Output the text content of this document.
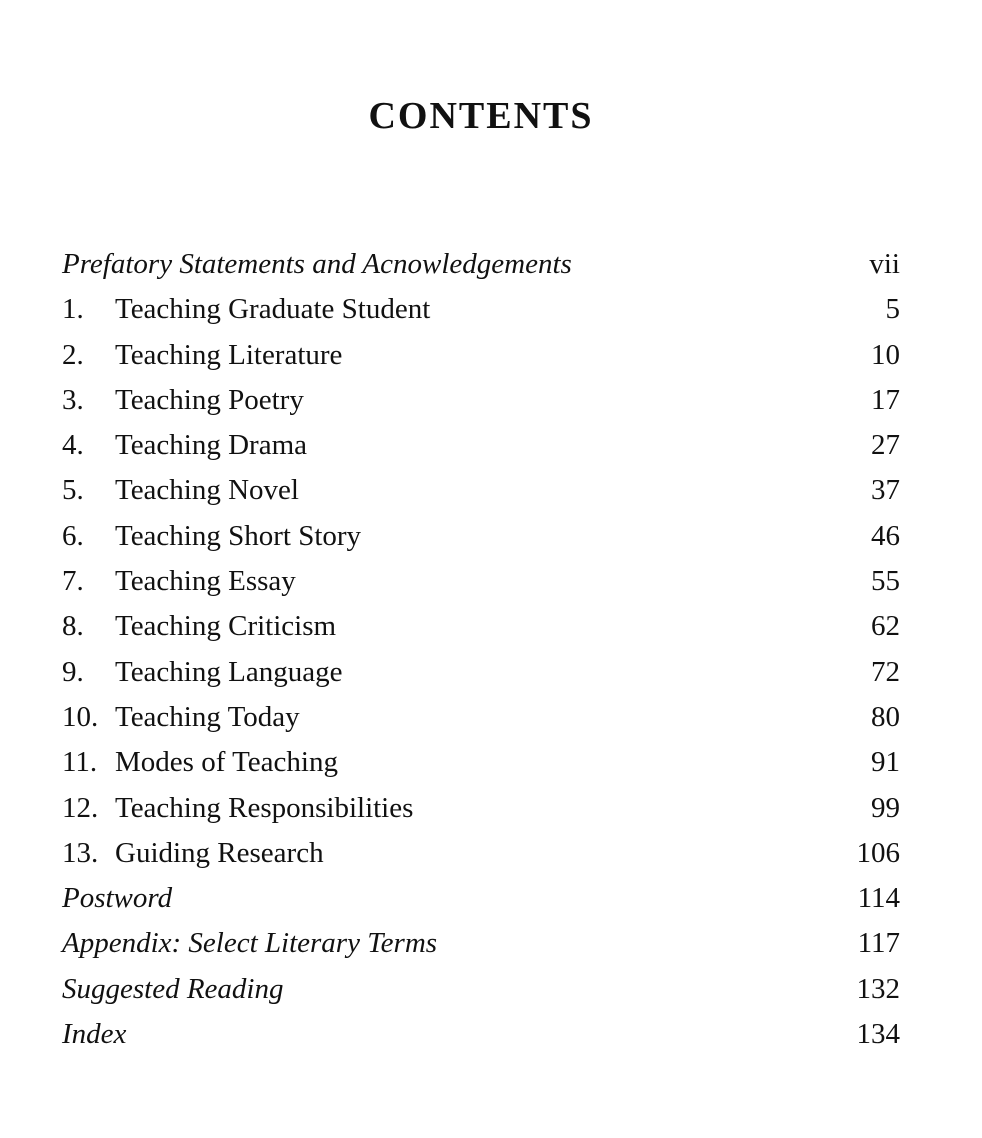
CONTENTS
Prefatory Statements and Acnowledgements	vii
1.	Teaching Graduate Student	5
2.	Teaching Literature	10
3.	Teaching Poetry	17
4.	Teaching Drama	27
5.	Teaching Novel	37
6.	Teaching Short Story	46
7.	Teaching Essay	55
8.	Teaching Criticism	62
9.	Teaching Language	72
10. Teaching Today	80
11. Modes of Teaching	91
12. Teaching Responsibilities	99
13. Guiding Research	106
Postword	114
Appendix: Select Literary Terms	117
Suggested Reading	132
Index	134
